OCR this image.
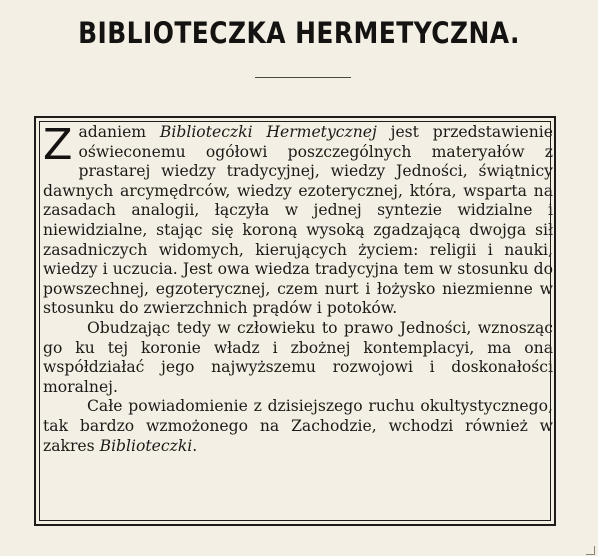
BIBLIOTECZKA HERMETYCZNA.

Zadaniem Biblioteczki Hermetycznej jest przedstawienie oświeconemu ogółowi poszczególnych materyałów z prastarej wiedzy tradycyjnej, wiedzy Jedności, świątnicy dawnych arcymędrców, wiedzy ezoterycznej, która, wsparta na zasadach analogii, łączyła w jednej syntezie widzialne i niewidzialne, stając się koroną wysoką zgadzającą dwojga sił zasadniczych widomych, kierujących życiem: religii i nauki, wiedzy i uczucia. Jest owa wiedza tradycyjna tem w stosunku do powszechnej, egzoterycznej, czem nurt i łożysko niezmienne w stosunku do zwierzchnich prądów i potoków.

Obudzając tedy w człowieku to prawo Jedności, wznosząc go ku tej koronie władz i zbożnej kontemplacyi, ma ona współdziałać jego najwyższemu rozwojowi i doskonałości moralnej.

Całe powiadomienie z dzisiejszego ruchu okultystycznego, tak bardzo wzmożonego na Zachodzie, wchodzi również w zakres Biblioteczki.
